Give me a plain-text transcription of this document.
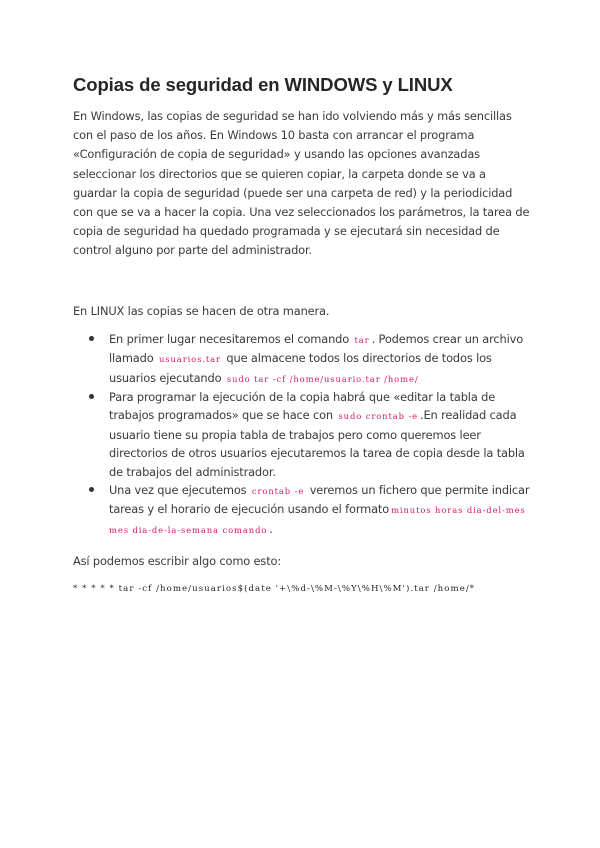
Copias de seguridad en WINDOWS y LINUX

En Windows, las copias de seguridad se han ido volviendo más y más sencillas con el paso de los años. En Windows 10 basta con arrancar el programa «Configuración de copia de seguridad» y usando las opciones avanzadas seleccionar los directorios que se quieren copiar, la carpeta donde se va a guardar la copia de seguridad (puede ser una carpeta de red) y la periodicidad con que se va a hacer la copia. Una vez seleccionados los parámetros, la tarea de copia de seguridad ha quedado programada y se ejecutará sin necesidad de control alguno por parte del administrador.

En LINUX las copias se hacen de otra manera.

En primer lugar necesitaremos el comando tar . Podemos crear un archivo llamado usuarios.tar que almacene todos los directorios de todos los usuarios ejecutando sudo tar -cf /home/usuario.tar /home/
Para programar la ejecución de la copia habrá que «editar la tabla de trabajos programados» que se hace con sudo crontab -e .En realidad cada usuario tiene su propia tabla de trabajos pero como queremos leer directorios de otros usuarios ejecutaremos la tarea de copia desde la tabla de trabajos del administrador.
Una vez que ejecutemos crontab -e veremos un fichero que permite indicar tareas y el horario de ejecución usando el formato minutos horas dia-del-mes mes dia-de-la-semana comando .

Así podemos escribir algo como esto:

* * * * * tar -cf /home/usuarios$(date '+\%d-\%M-\%Y\%H\%M').tar /home/*
